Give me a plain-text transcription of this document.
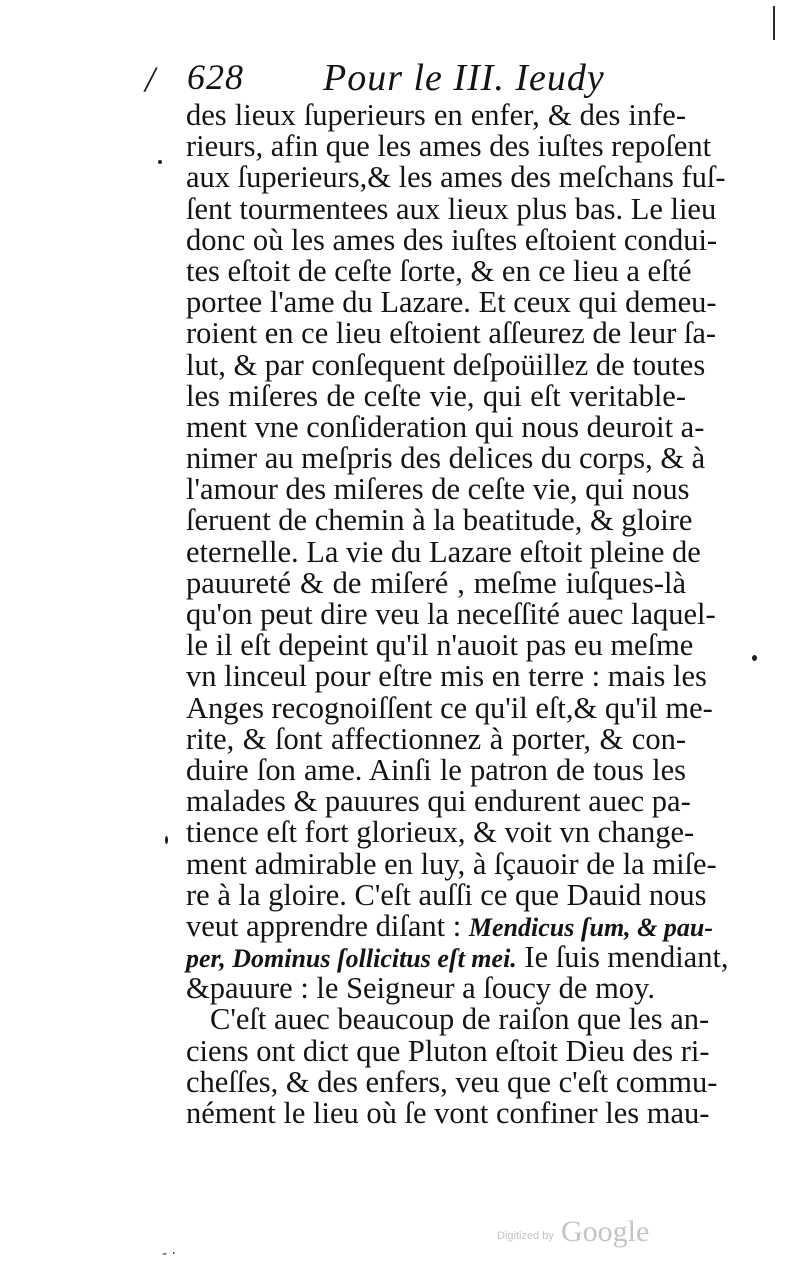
/ 628 Pour le III. Ieudy
des lieux ſuperieurs en enfer, & des infe-
rieurs, afin que les ames des iuſtes repoſent
aux ſuperieurs,& les ames des meſchans fuſ-
ſent tourmentees aux lieux plus bas. Le lieu
donc où les ames des iuſtes eſtoient condui-
tes eſtoit de ceſte ſorte, & en ce lieu a eſté
portee l'ame du Lazare. Et ceux qui demeu-
roient en ce lieu eſtoient aſſeurez de leur ſa-
lut, & par conſequent deſpoüillez de toutes
les miſeres de ceſte vie, qui eſt veritable-
ment vne conſideration qui nous deuroit a-
nimer au meſpris des delices du corps, & à
l'amour des miſeres de ceſte vie, qui nous
ſeruent de chemin à la beatitude, & gloire
eternelle. La vie du Lazare eſtoit pleine de
pauureté & de miſeré , meſme iuſques-là
qu'on peut dire veu la neceſſité auec laquel-
le il eſt depeint qu'il n'auoit pas eu meſme
vn linceul pour eſtre mis en terre : mais les
Anges recognoiſſent ce qu'il eſt,& qu'il me-
rite, & ſont affectionnez à porter, & con-
duire ſon ame. Ainſi le patron de tous les
malades & pauures qui endurent auec pa-
tience eſt fort glorieux, & voit vn change-
ment admirable en luy, à ſçauoir de la miſe-
re à la gloire. C'eſt auſſi ce que Dauid nous
veut apprendre diſant : Mendicus ſum, & pau-
per, Dominus ſollicitus eſt mei. Ie ſuis mendiant,
&pauure : le Seigneur a ſoucy de moy.
C'eſt auec beaucoup de raiſon que les an-
ciens ont dict que Pluton eſtoit Dieu des ri-
cheſſes, & des enfers, veu que c'eſt commu-
nément le lieu où ſe vont confiner les mau-
Digitized by Google
- ·
